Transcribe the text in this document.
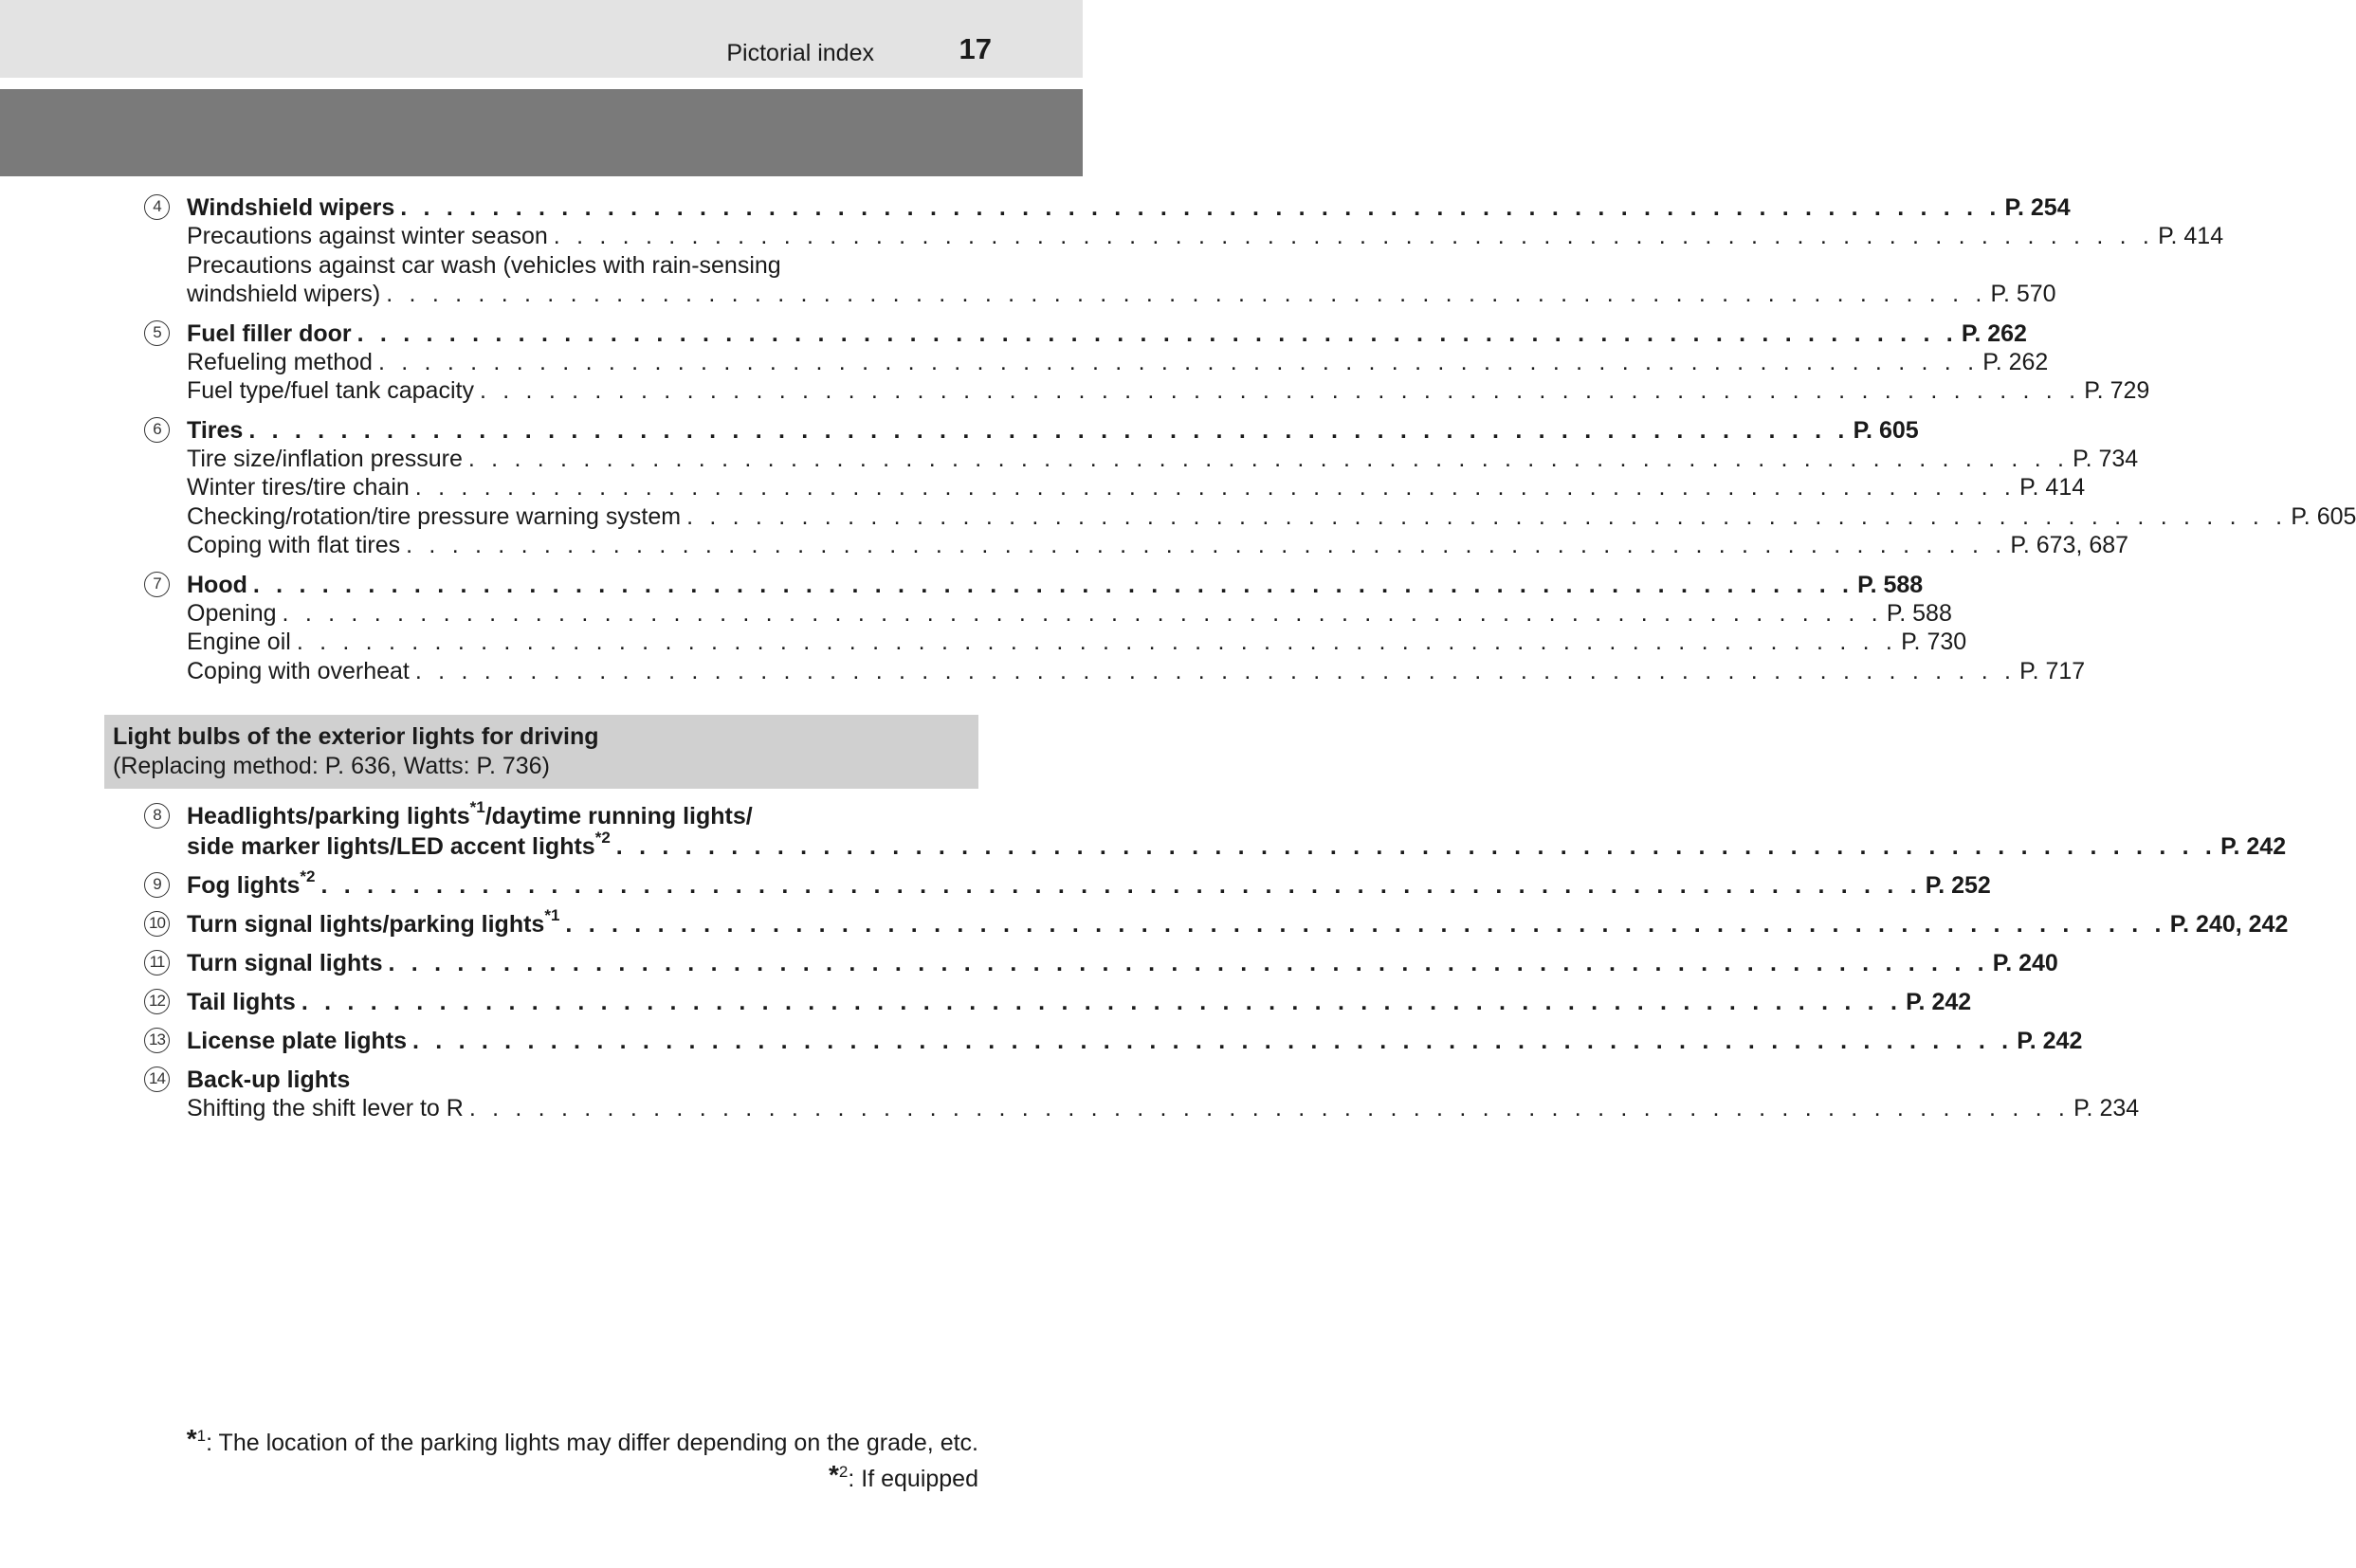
Pictorial index	17
4	Windshield wipers . . . . . . . . . . . . . . . . . . . . . . . . . . . . . . . . . . . . . . . . . . . . . . . . . . . . . . . . . . . . . . . . . . . . . . P. 254
Precautions against winter season . . . . . . . . . . . . . . . . . . . . . . . . . . . . . . . . . . . . . . . . . . . . . . . . . . . . . . . . . . . . . . . . . . . . . . P. 414
Precautions against car wash (vehicles with rain-sensing
windshield wipers) . . . . . . . . . . . . . . . . . . . . . . . . . . . . . . . . . . . . . . . . . . . . . . . . . . . . . . . . . . . . . . . . . . . . . . P. 570
5	Fuel filler door . . . . . . . . . . . . . . . . . . . . . . . . . . . . . . . . . . . . . . . . . . . . . . . . . . . . . . . . . . . . . . . . . . . . . . P. 262
Refueling method . . . . . . . . . . . . . . . . . . . . . . . . . . . . . . . . . . . . . . . . . . . . . . . . . . . . . . . . . . . . . . . . . . . . . . P. 262
Fuel type/fuel tank capacity . . . . . . . . . . . . . . . . . . . . . . . . . . . . . . . . . . . . . . . . . . . . . . . . . . . . . . . . . . . . . . . . . . . . . . P. 729
6	Tires . . . . . . . . . . . . . . . . . . . . . . . . . . . . . . . . . . . . . . . . . . . . . . . . . . . . . . . . . . . . . . . . . . . . . . P. 605
Tire size/inflation pressure . . . . . . . . . . . . . . . . . . . . . . . . . . . . . . . . . . . . . . . . . . . . . . . . . . . . . . . . . . . . . . . . . . . . . . P. 734
Winter tires/tire chain . . . . . . . . . . . . . . . . . . . . . . . . . . . . . . . . . . . . . . . . . . . . . . . . . . . . . . . . . . . . . . . . . . . . . . P. 414
Checking/rotation/tire pressure warning system . . . . . . . . . . . . . . . . . . . . . . . . . . . . . . . . . . . . . . . . . . . . . . . . . . . . . . . . . . . . . . . . . . . . . . P. 605
Coping with flat tires . . . . . . . . . . . . . . . . . . . . . . . . . . . . . . . . . . . . . . . . . . . . . . . . . . . . . . . . . . . . . . . . . . . . . . P. 673, 687
7	Hood . . . . . . . . . . . . . . . . . . . . . . . . . . . . . . . . . . . . . . . . . . . . . . . . . . . . . . . . . . . . . . . . . . . . . . P. 588
Opening . . . . . . . . . . . . . . . . . . . . . . . . . . . . . . . . . . . . . . . . . . . . . . . . . . . . . . . . . . . . . . . . . . . . . . P. 588
Engine oil . . . . . . . . . . . . . . . . . . . . . . . . . . . . . . . . . . . . . . . . . . . . . . . . . . . . . . . . . . . . . . . . . . . . . . P. 730
Coping with overheat . . . . . . . . . . . . . . . . . . . . . . . . . . . . . . . . . . . . . . . . . . . . . . . . . . . . . . . . . . . . . . . . . . . . . . P. 717
Light bulbs of the exterior lights for driving
(Replacing method: P. 636, Watts: P. 736)
8	Headlights/parking lights$^{*1}$/daytime running lights/
side marker lights/LED accent lights$^{*2}$ . . . . . . . . . . . . . . . . . . . . . . . . . . . . . . . . . . . . . . . . . . . . . . . . . . . . . . . . . . . . . . . . . . . . . . P. 242
9	Fog lights$^{*2}$ . . . . . . . . . . . . . . . . . . . . . . . . . . . . . . . . . . . . . . . . . . . . . . . . . . . . . . . . . . . . . . . . . . . . . . P. 252
10 Turn signal lights/parking lights$^{*1}$ . . . . . . . . . . . . . . . . . . . . . . . . . . . . . . . . . . . . . . . . . . . . . . . . . . . . . . . . . . . . . . . . . . . . . . P. 240, 242
11 Turn signal lights . . . . . . . . . . . . . . . . . . . . . . . . . . . . . . . . . . . . . . . . . . . . . . . . . . . . . . . . . . . . . . . . . . . . . . P. 240
12 Tail lights . . . . . . . . . . . . . . . . . . . . . . . . . . . . . . . . . . . . . . . . . . . . . . . . . . . . . . . . . . . . . . . . . . . . . . P. 242
13 License plate lights . . . . . . . . . . . . . . . . . . . . . . . . . . . . . . . . . . . . . . . . . . . . . . . . . . . . . . . . . . . . . . . . . . . . . . P. 242
14 Back-up lights
Shifting the shift lever to R . . . . . . . . . . . . . . . . . . . . . . . . . . . . . . . . . . . . . . . . . . . . . . . . . . . . . . . . . . . . . . . . . . . . . . P. 234
*$^1$: The location of the parking lights may differ depending on the grade, etc.
*$^2$: If equipped
